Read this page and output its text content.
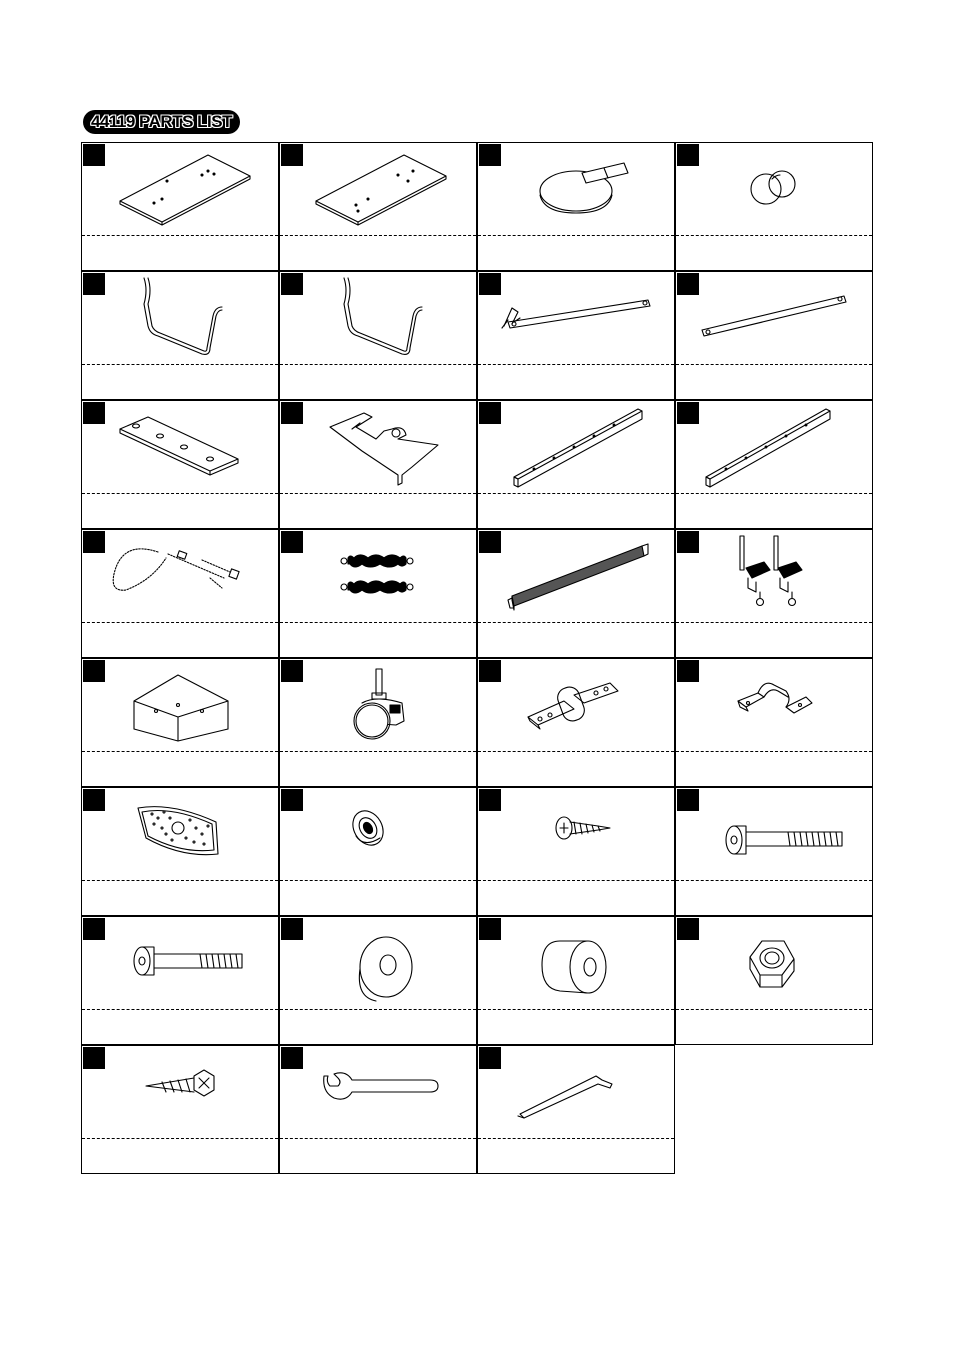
44119 PARTS LIST
